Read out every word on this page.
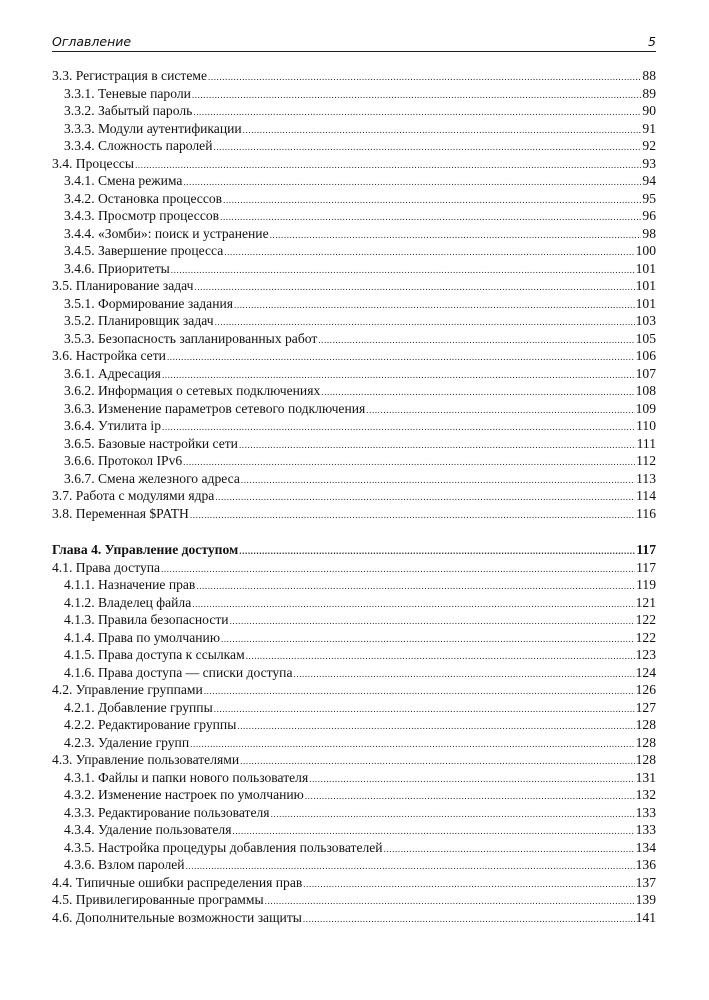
Оглавление	5
3.3. Регистрация в системе .....	88
3.3.1. Теневые пароли .....	89
3.3.2. Забытый пароль .....	90
3.3.3. Модули аутентификации .....	91
3.3.4. Сложность паролей .....	92
3.4. Процессы .....	93
3.4.1. Смена режима .....	94
3.4.2. Остановка процессов .....	95
3.4.3. Просмотр процессов .....	96
3.4.4. «Зомби»: поиск и устранение .....	98
3.4.5. Завершение процесса .....	100
3.4.6. Приоритеты .....	101
3.5. Планирование задач .....	101
3.5.1. Формирование задания .....	101
3.5.2. Планировщик задач .....	103
3.5.3. Безопасность запланированных работ .....	105
3.6. Настройка сети .....	106
3.6.1. Адресация .....	107
3.6.2. Информация о сетевых подключениях .....	108
3.6.3. Изменение параметров сетевого подключения .....	109
3.6.4. Утилита ip .....	110
3.6.5. Базовые настройки сети .....	111
3.6.6. Протокол IPv6 .....	112
3.6.7. Смена железного адреса .....	113
3.7. Работа с модулями ядра .....	114
3.8. Переменная $PATH .....	116
Глава 4. Управление доступом .....	117
4.1. Права доступа .....	117
4.1.1. Назначение прав .....	119
4.1.2. Владелец файла .....	121
4.1.3. Правила безопасности .....	122
4.1.4. Права по умолчанию .....	122
4.1.5. Права доступа к ссылкам .....	123
4.1.6. Права доступа — списки доступа .....	124
4.2. Управление группами .....	126
4.2.1. Добавление группы .....	127
4.2.2. Редактирование группы .....	128
4.2.3. Удаление групп .....	128
4.3. Управление пользователями .....	128
4.3.1. Файлы и папки нового пользователя .....	131
4.3.2. Изменение настроек по умолчанию .....	132
4.3.3. Редактирование пользователя .....	133
4.3.4. Удаление пользователя .....	133
4.3.5. Настройка процедуры добавления пользователей .....	134
4.3.6. Взлом паролей .....	136
4.4. Типичные ошибки распределения прав .....	137
4.5. Привилегированные программы .....	139
4.6. Дополнительные возможности защиты .....	141
